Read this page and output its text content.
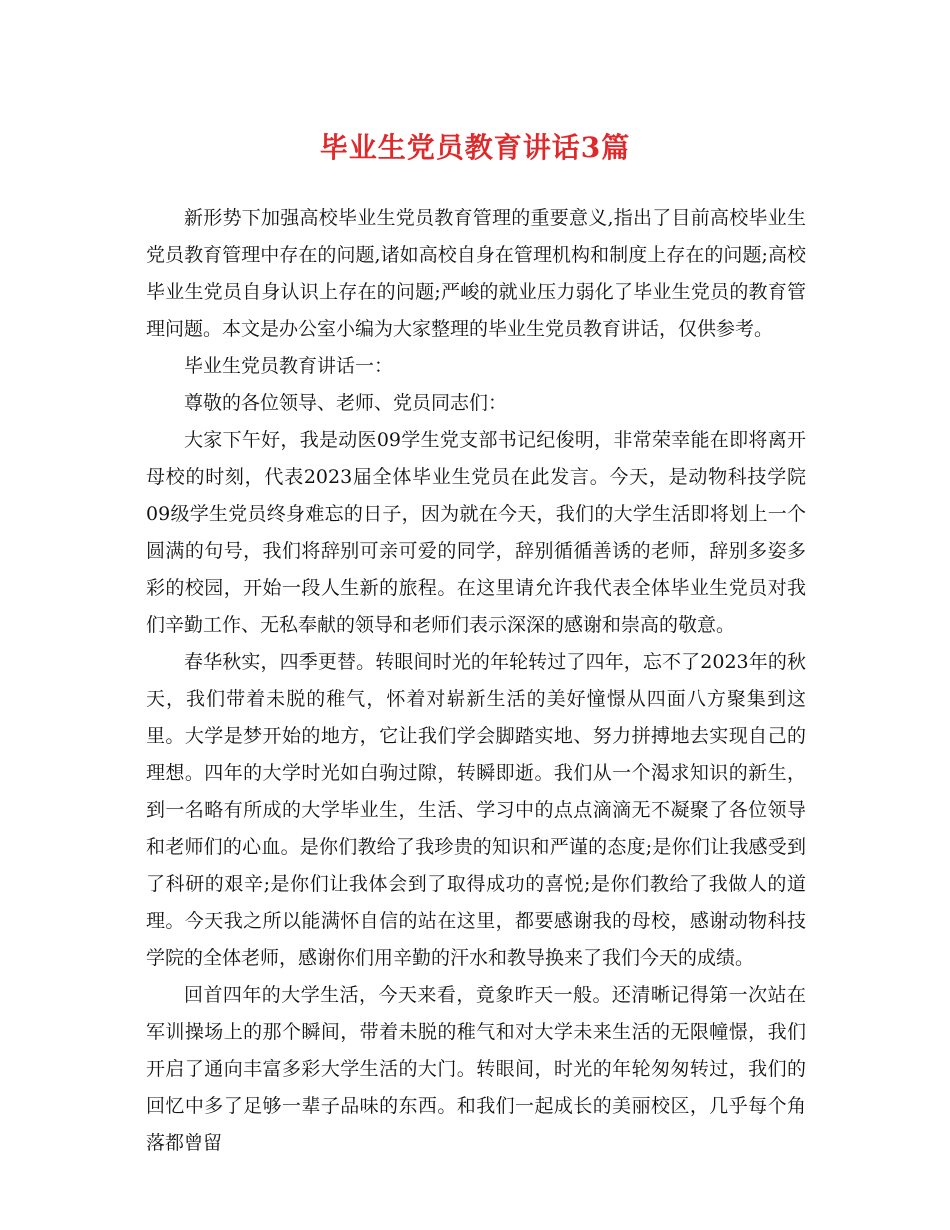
毕业生党员教育讲话3篇

新形势下加强高校毕业生党员教育管理的重要意义,指出了目前高校毕业生党员教育管理中存在的问题,诸如高校自身在管理机构和制度上存在的问题;高校毕业生党员自身认识上存在的问题;严峻的就业压力弱化了毕业生党员的教育管理问题。本文是办公室小编为大家整理的毕业生党员教育讲话，仅供参考。

毕业生党员教育讲话一：

尊敬的各位领导、老师、党员同志们：

大家下午好，我是动医09学生党支部书记纪俊明，非常荣幸能在即将离开母校的时刻，代表2023届全体毕业生党员在此发言。今天，是动物科技学院09级学生党员终身难忘的日子，因为就在今天，我们的大学生活即将划上一个圆满的句号，我们将辞别可亲可爱的同学，辞别循循善诱的老师，辞别多姿多彩的校园，开始一段人生新的旅程。在这里请允许我代表全体毕业生党员对我们辛勤工作、无私奉献的领导和老师们表示深深的感谢和崇高的敬意。

春华秋实，四季更替。转眼间时光的年轮转过了四年，忘不了2023年的秋天，我们带着未脱的稚气，怀着对崭新生活的美好憧憬从四面八方聚集到这里。大学是梦开始的地方，它让我们学会脚踏实地、努力拼搏地去实现自己的理想。四年的大学时光如白驹过隙，转瞬即逝。我们从一个渴求知识的新生，到一名略有所成的大学毕业生，生活、学习中的点点滴滴无不凝聚了各位领导和老师们的心血。是你们教给了我珍贵的知识和严谨的态度;是你们让我感受到了科研的艰辛;是你们让我体会到了取得成功的喜悦;是你们教给了我做人的道理。今天我之所以能满怀自信的站在这里，都要感谢我的母校，感谢动物科技学院的全体老师，感谢你们用辛勤的汗水和教导换来了我们今天的成绩。

回首四年的大学生活，今天来看，竟象昨天一般。还清晰记得第一次站在军训操场上的那个瞬间，带着未脱的稚气和对大学未来生活的无限幢憬，我们开启了通向丰富多彩大学生活的大门。转眼间，时光的年轮匆匆转过，我们的回忆中多了足够一辈子品味的东西。和我们一起成长的美丽校区，几乎每个角落都曾留
